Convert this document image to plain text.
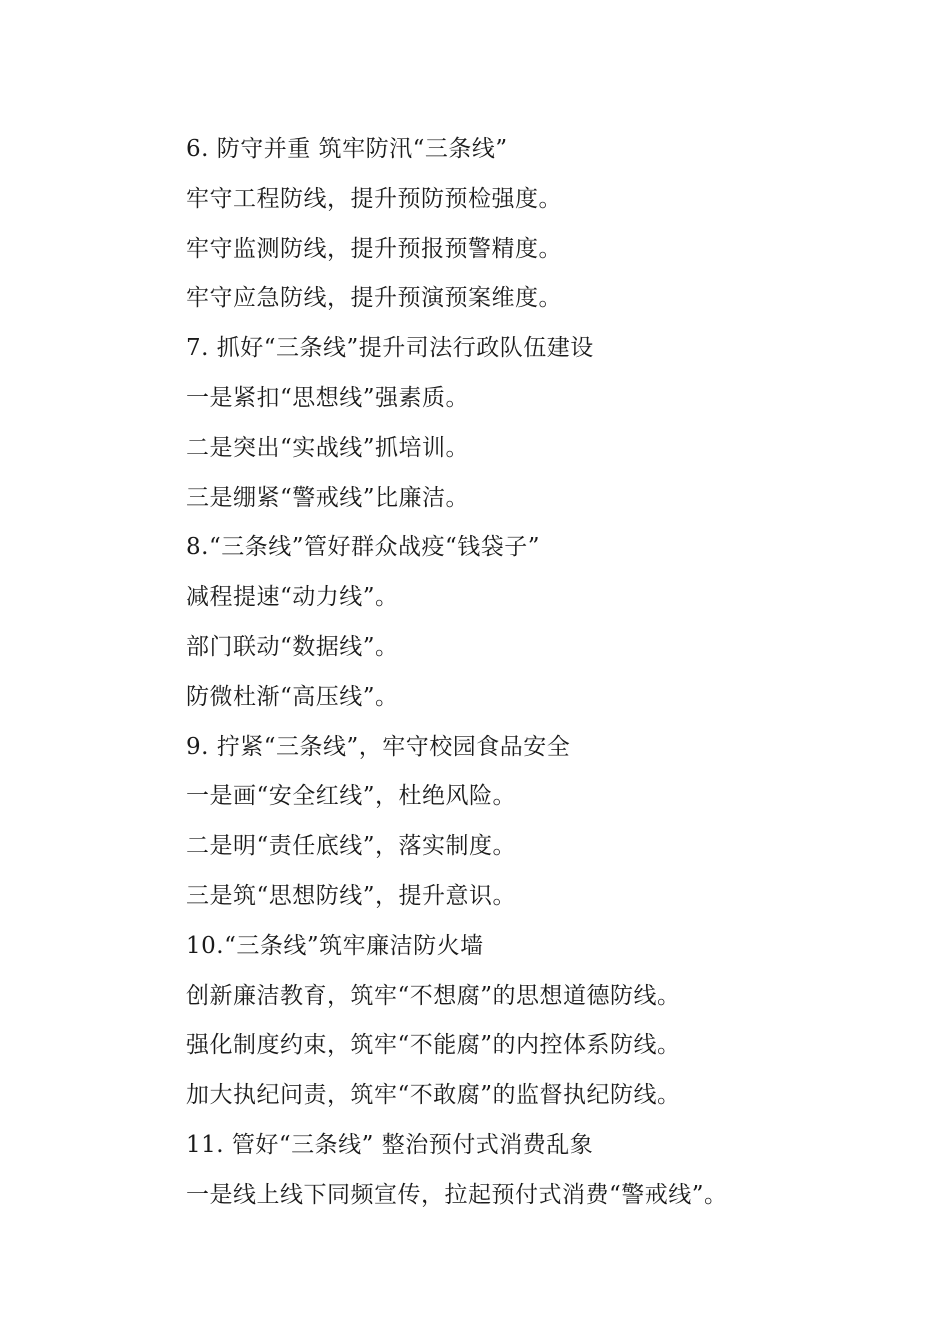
6. 防守并重 筑牢防汛“三条线”
牢守工程防线，提升预防预检强度。
牢守监测防线，提升预报预警精度。
牢守应急防线，提升预演预案维度。
7. 抓好“三条线”提升司法行政队伍建设
一是紧扣“思想线”强素质。
二是突出“实战线”抓培训。
三是绷紧“警戒线”比廉洁。
8.“三条线”管好群众战疫“钱袋子”
减程提速“动力线”。
部门联动“数据线”。
防微杜渐“高压线”。
9. 拧紧“三条线”，牢守校园食品安全
一是画“安全红线”，杜绝风险。
二是明“责任底线”，落实制度。
三是筑“思想防线”，提升意识。
10.“三条线”筑牢廉洁防火墙
创新廉洁教育，筑牢“不想腐”的思想道德防线。
强化制度约束，筑牢“不能腐”的内控体系防线。
加大执纪问责，筑牢“不敢腐”的监督执纪防线。
11. 管好“三条线” 整治预付式消费乱象
一是线上线下同频宣传，拉起预付式消费“警戒线”。
